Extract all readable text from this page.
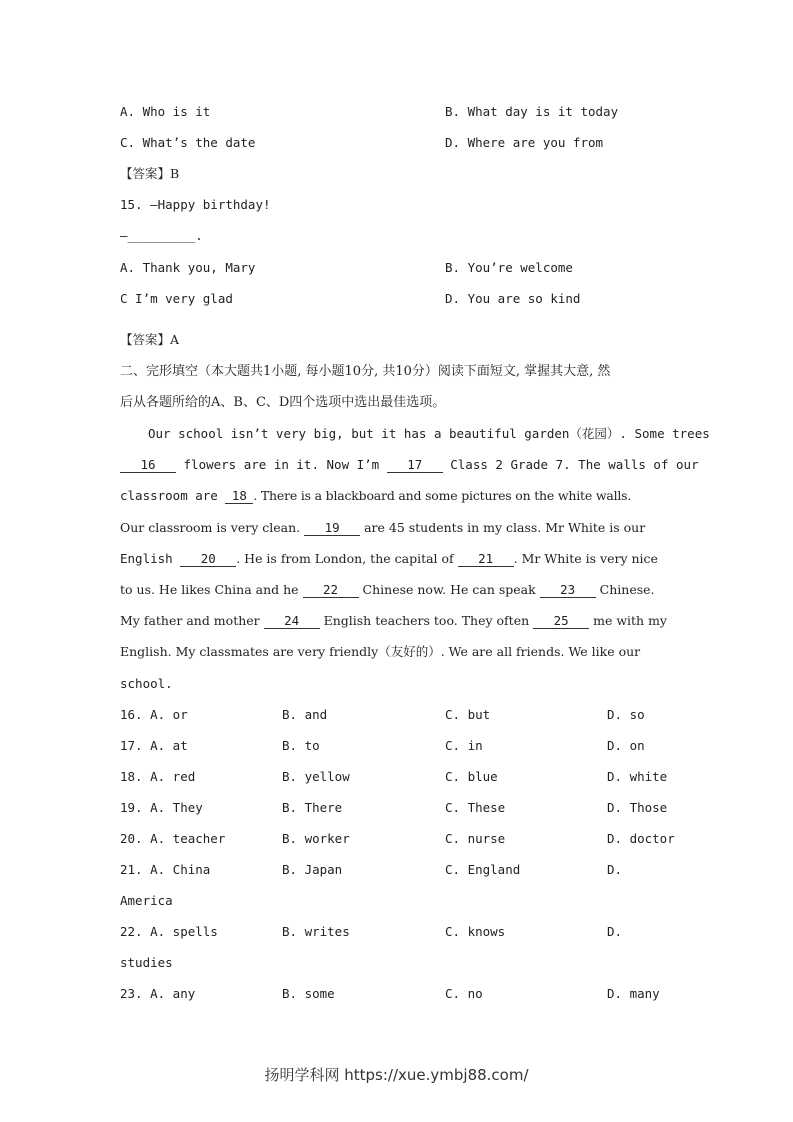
A. Who is it	B. What day is it today
C. What’s the date	D. Where are you from
【答案】B
15. —Happy birthday!
—_________.
A. Thank you, Mary	B. You’re welcome
C I’m very glad	D. You are so kind
【答案】A
二、完形填空（本大题共1小题, 每小题10分, 共10分）阅读下面短文, 掌握其大意, 然
后从各题所给的A、B、C、D四个选项中选出最佳选项。
Our school isn’t very big, but it has a beautiful garden（花园）. Some trees
16 flowers are in it. Now I’m 17 Class 2 Grade 7. The walls of our
classroom are 18 . There is a blackboard and some pictures on the white walls.
Our classroom is very clean. 19 are 45 students in my class. Mr White is our
English 20 . He is from London, the capital of 21 . Mr White is very nice
to us. He likes China and he 22 Chinese now. He can speak 23 Chinese.
My father and mother 24 English teachers too. They often 25 me with my
English. My classmates are very friendly（友好的）. We are all friends. We like our
school.
16. A. or	B. and	C. but	D. so
17. A. at	B. to	C. in	D. on
18. A. red	B. yellow	C. blue	D. white
19. A. They	B. There	C. These	D. Those
20. A. teacher	B. worker	C. nurse	D. doctor
21. A. China	B. Japan	C. England	D.
America
22. A. spells	B. writes	C. knows	D.
studies
23. A. any	B. some	C. no	D. many
扬明学科网 https://xue.ymbj88.com/
